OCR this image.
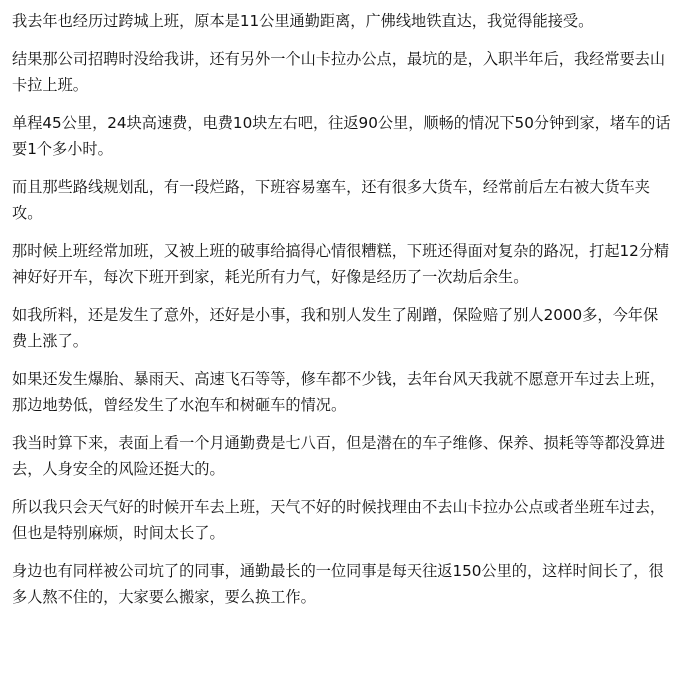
我去年也经历过跨城上班，原本是11公里通勤距离，广佛线地铁直达，我觉得能接受。

结果那公司招聘时没给我讲，还有另外一个山卡拉办公点，最坑的是，入职半年后，我经常要去山卡拉上班。

单程45公里，24块高速费，电费10块左右吧，往返90公里，顺畅的情况下50分钟到家，堵车的话要1个多小时。

而且那些路线规划乱，有一段烂路，下班容易塞车，还有很多大货车，经常前后左右被大货车夹攻。

那时候上班经常加班，又被上班的破事给搞得心情很糟糕，下班还得面对复杂的路况，打起12分精神好好开车，每次下班开到家，耗光所有力气，好像是经历了一次劫后余生。

如我所料，还是发生了意外，还好是小事，我和别人发生了剐蹭，保险赔了别人2000多，今年保费上涨了。

如果还发生爆胎、暴雨天、高速飞石等等，修车都不少钱，去年台风天我就不愿意开车过去上班，那边地势低，曾经发生了水泡车和树砸车的情况。

我当时算下来，表面上看一个月通勤费是七八百，但是潜在的车子维修、保养、损耗等等都没算进去，人身安全的风险还挺大的。

所以我只会天气好的时候开车去上班，天气不好的时候找理由不去山卡拉办公点或者坐班车过去，但也是特别麻烦，时间太长了。

身边也有同样被公司坑了的同事，通勤最长的一位同事是每天往返150公里的，这样时间长了，很多人熬不住的，大家要么搬家，要么换工作。
